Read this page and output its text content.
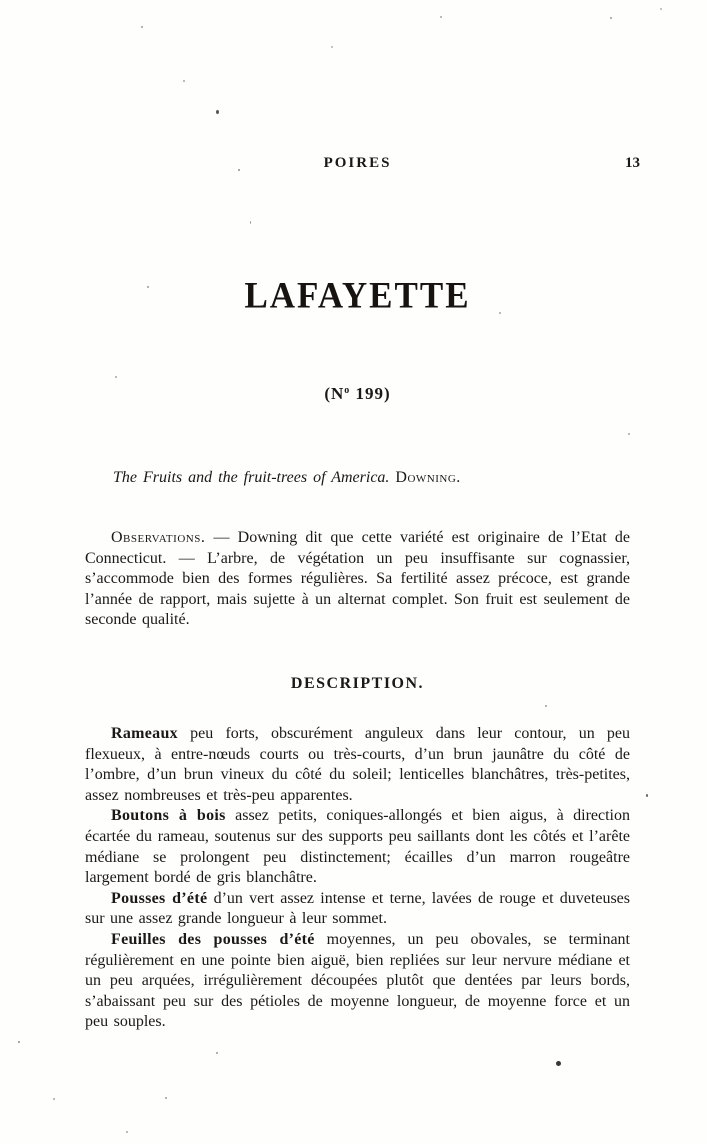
POIRES	13
LAFAYETTE
($N^o$ 199)
The Fruits and the fruit-trees of America. Downing.

Observations. — Downing dit que cette variété est originaire de l’Etat de Connecticut. — L’arbre, de végétation un peu insuffisante sur cognassier, s’accommode bien des formes régulières. Sa fertilité assez précoce, est grande l’année de rapport, mais sujette à un alternat complet. Son fruit est seulement de seconde qualité.

DESCRIPTION.

Rameaux peu forts, obscurément anguleux dans leur contour, un peu flexueux, à entre-nœuds courts ou très-courts, d’un brun jaunâtre du côté de l’ombre, d’un brun vineux du côté du soleil; lenticelles blanchâtres, très-petites, assez nombreuses et très-peu apparentes.

Boutons à bois assez petits, coniques-allongés et bien aigus, à direction écartée du rameau, soutenus sur des supports peu saillants dont les côtés et l’arête médiane se prolongent peu distinctement; écailles d’un marron rougeâtre largement bordé de gris blanchâtre.

Pousses d’été d’un vert assez intense et terne, lavées de rouge et duveteuses sur une assez grande longueur à leur sommet.

Feuilles des pousses d’été moyennes, un peu obovales, se terminant régulièrement en une pointe bien aiguë, bien repliées sur leur nervure médiane et un peu arquées, irrégulièrement découpées plutôt que dentées par leurs bords, s’abaissant peu sur des pétioles de moyenne longueur, de moyenne force et un peu souples.
